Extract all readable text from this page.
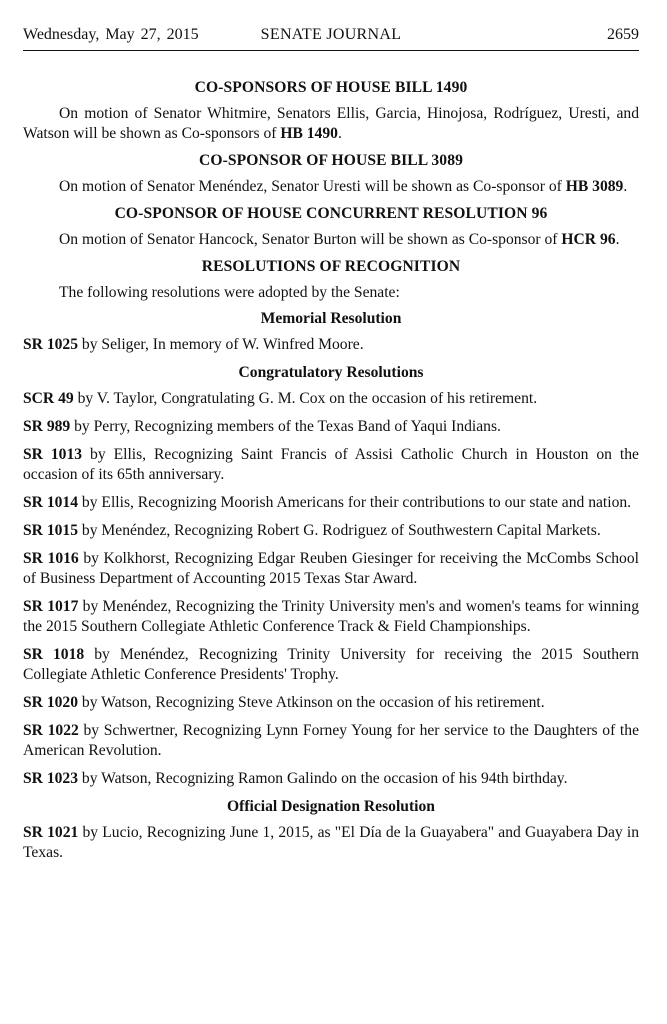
Wednesday, May 27, 2015	SENATE JOURNAL	2659
CO-SPONSORS OF HOUSE BILL 1490

On motion of Senator Whitmire, Senators Ellis, Garcia, Hinojosa, Rodríguez, Uresti, and Watson will be shown as Co-sponsors of HB 1490.

CO-SPONSOR OF HOUSE BILL 3089

On motion of Senator Menéndez, Senator Uresti will be shown as Co-sponsor of HB 3089.

CO-SPONSOR OF HOUSE CONCURRENT RESOLUTION 96

On motion of Senator Hancock, Senator Burton will be shown as Co-sponsor of HCR 96.

RESOLUTIONS OF RECOGNITION

The following resolutions were adopted by the Senate:

Memorial Resolution

SR 1025 by Seliger, In memory of W. Winfred Moore.

Congratulatory Resolutions

SCR 49 by V. Taylor, Congratulating G. M. Cox on the occasion of his retirement.

SR 989 by Perry, Recognizing members of the Texas Band of Yaqui Indians.

SR 1013 by Ellis, Recognizing Saint Francis of Assisi Catholic Church in Houston on the occasion of its 65th anniversary.

SR 1014 by Ellis, Recognizing Moorish Americans for their contributions to our state and nation.

SR 1015 by Menéndez, Recognizing Robert G. Rodriguez of Southwestern Capital Markets.

SR 1016 by Kolkhorst, Recognizing Edgar Reuben Giesinger for receiving the McCombs School of Business Department of Accounting 2015 Texas Star Award.

SR 1017 by Menéndez, Recognizing the Trinity University men's and women's teams for winning the 2015 Southern Collegiate Athletic Conference Track & Field Championships.

SR 1018 by Menéndez, Recognizing Trinity University for receiving the 2015 Southern Collegiate Athletic Conference Presidents' Trophy.

SR 1020 by Watson, Recognizing Steve Atkinson on the occasion of his retirement.

SR 1022 by Schwertner, Recognizing Lynn Forney Young for her service to the Daughters of the American Revolution.

SR 1023 by Watson, Recognizing Ramon Galindo on the occasion of his 94th birthday.

Official Designation Resolution

SR 1021 by Lucio, Recognizing June 1, 2015, as "El Día de la Guayabera" and Guayabera Day in Texas.
